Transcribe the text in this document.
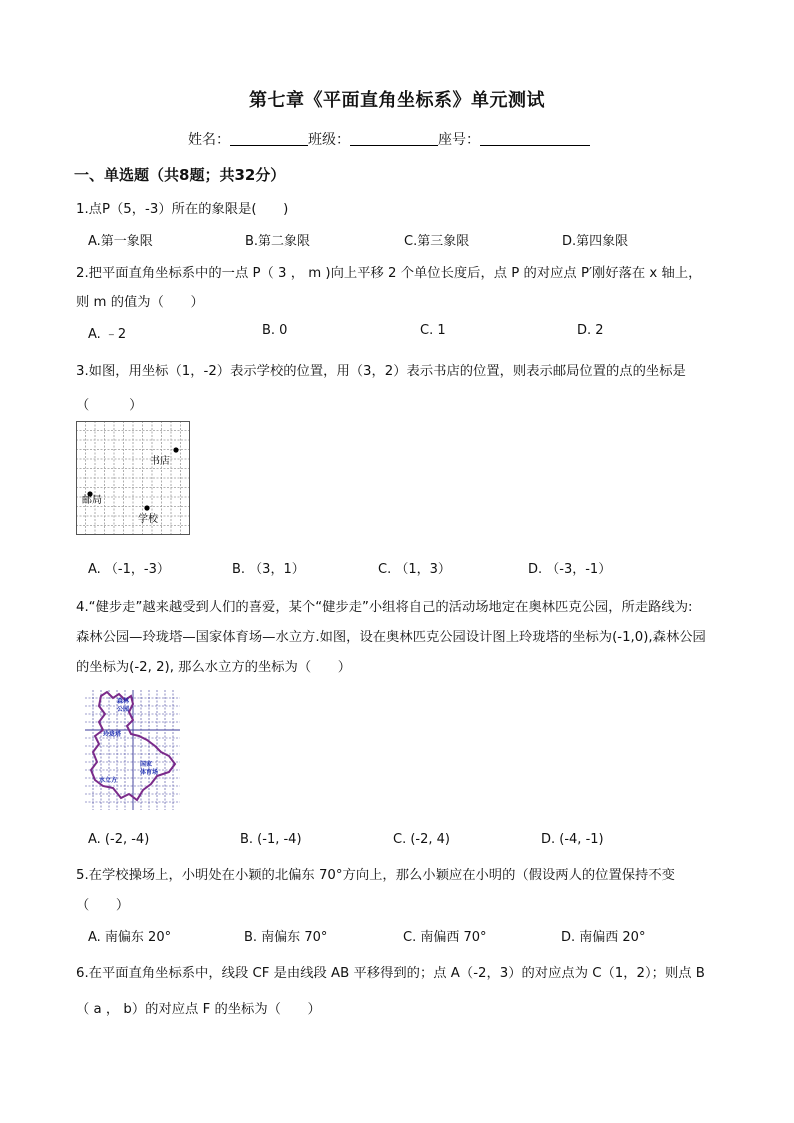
第七章《平面直角坐标系》单元测试
姓名：	班级：	座号：
一、单选题（共8题；共32分）
1.点P（5，-3）所在的象限是(　　)
A.第一象限	B.第二象限	C.第三象限	D.第四象限
2.把平面直角坐标系中的一点 P（ 3 ， m )向上平移 2 个单位长度后，点 P 的对应点 P′刚好落在 x 轴上，
则 m 的值为（　　）
A. ﹣2	B. 0	C. 1	D. 2
3.如图，用坐标（1，-2）表示学校的位置，用（3，2）表示书店的位置，则表示邮局位置的点的坐标是
（　　　）
书店
邮局
学校
A. （-1，-3）	B. （3，1）	C. （1，3）	D. （-3，-1）
4.“健步走”越来越受到人们的喜爱，某个“健步走”小组将自己的活动场地定在奥林匹克公园，所走路线为:
森林公园—玲珑塔—国家体育场—水立方.如图，设在奥林匹克公园设计图上玲珑塔的坐标为(-1,0),森林公园
的坐标为(-2, 2), 那么水立方的坐标为（　　）
森林
公园
玲珑塔
国家
体育场
水立方
A. (-2, -4)	B. (-1, -4)	C. (-2, 4)	D. (-4, -1)
5.在学校操场上，小明处在小颖的北偏东 70°方向上，那么小颖应在小明的（假设两人的位置保持不变
（　　）
A. 南偏东 20°	B. 南偏东 70°	C. 南偏西 70°	D. 南偏西 20°
6.在平面直角坐标系中，线段 CF 是由线段 AB 平移得到的；点 A（-2，3）的对应点为 C（1，2）；则点 B
（ a ， b）的对应点 F 的坐标为（　　）
